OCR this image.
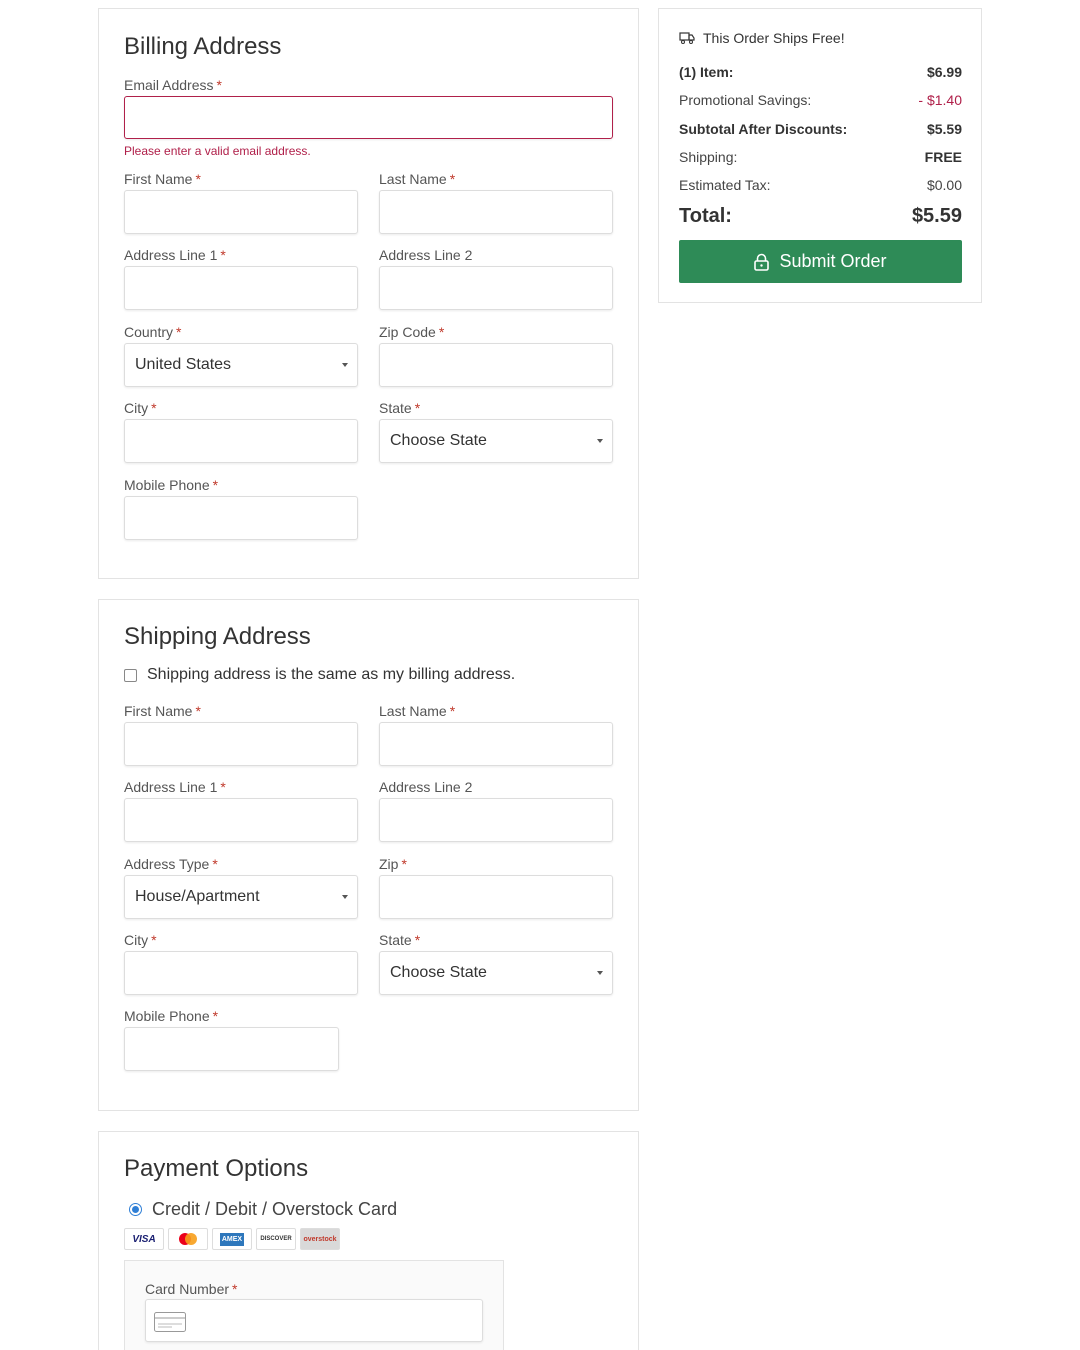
Billing Address
Email Address *
Please enter a valid email address.
First Name *	Last Name *
Address Line 1 *	Address Line 2
Country *
United States
Zip Code *
City *	State *
Choose State
Mobile Phone *
Shipping Address
Shipping address is the same as my billing address.
First Name *	Last Name *
Address Line 1 *	Address Line 2
Address Type *
House/Apartment
Zip *
City *	State *
Choose State
Mobile Phone *
Payment Options
Credit / Debit / Overstock Card
VISA	AMEX	DISCOVER	overstock
Card Number *
This Order Ships Free!
(1) Item:	$6.99
Promotional Savings:	- $1.40
Subtotal After Discounts:	$5.59
Shipping:	FREE
Estimated Tax:	$0.00
Total:	$5.59
Submit Order
